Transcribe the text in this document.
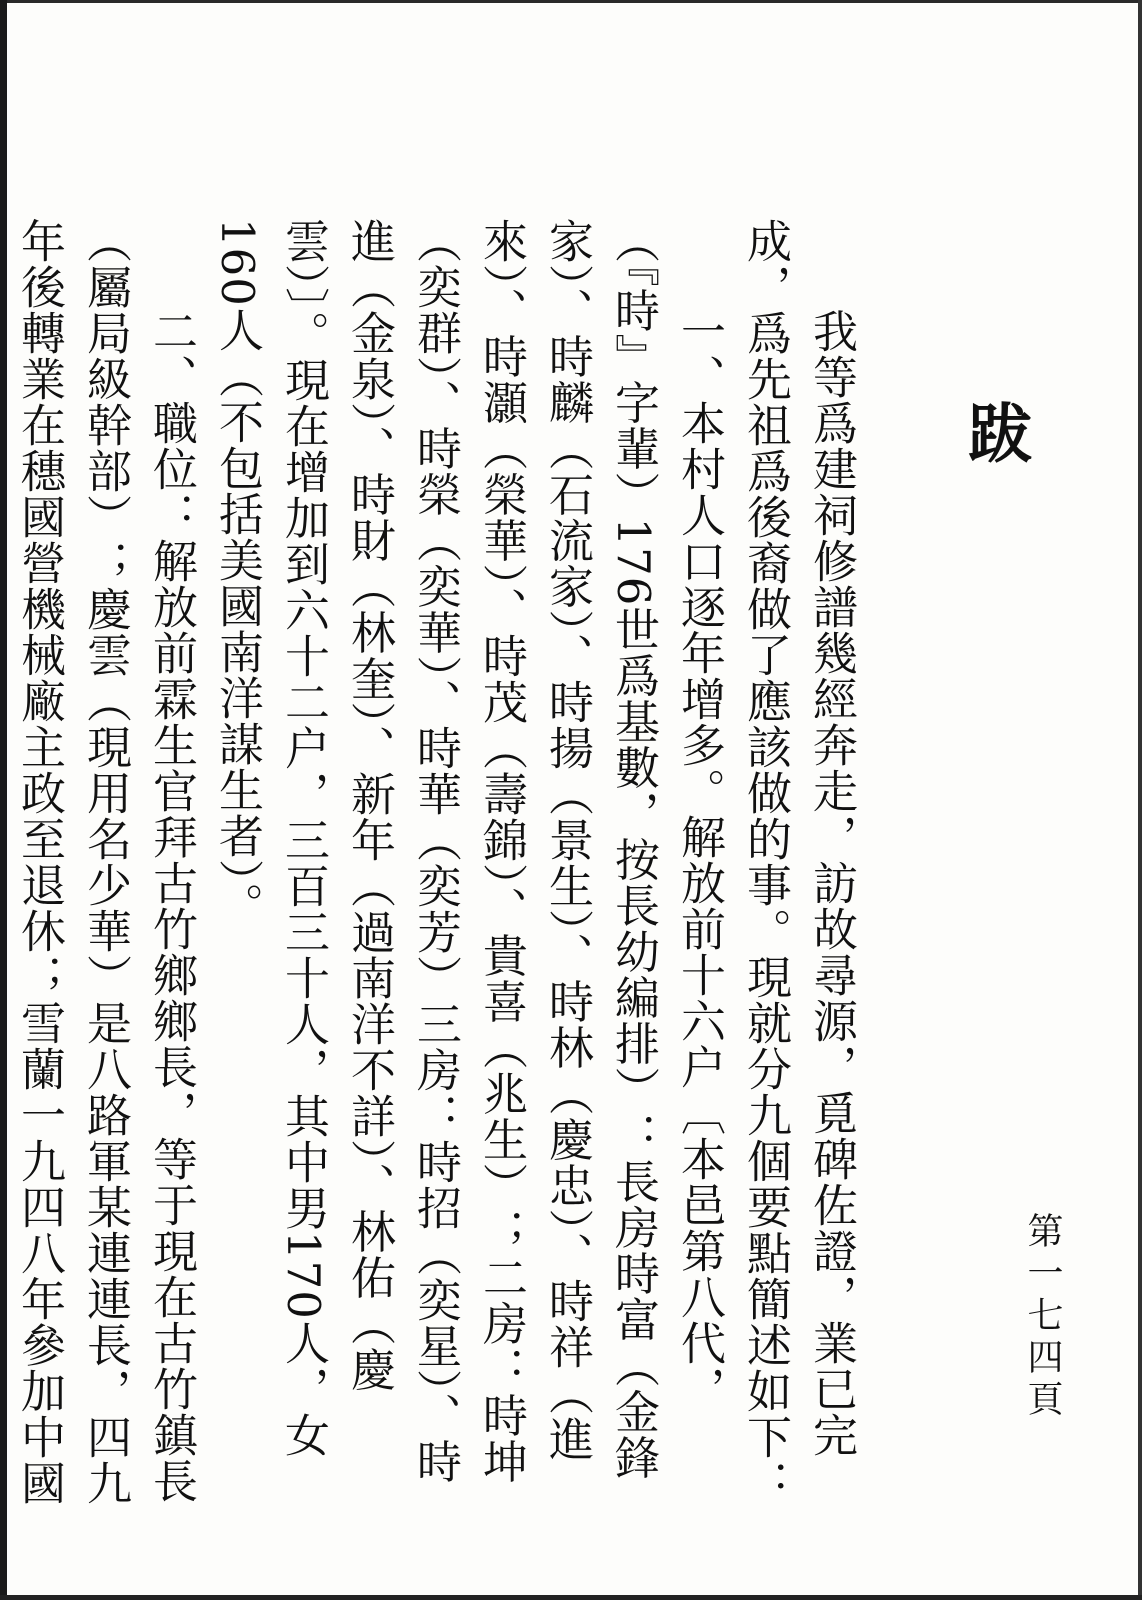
跋
第一七四頁
我等爲建祠修譜幾經奔走，訪故尋源，覓碑佐證，業已完成，爲先祖爲後裔做了應該做的事。現就分九個要點簡述如下：
一、本村人口逐年增多。解放前十六户〔本邑第八代，（『時』字輩）176世爲基數，按長幼編排）：長房時富（金鋒家）、時麟（石流家）、時揚（景生）、時林（慶忠）、時祥（進來）、時灝（榮華）、時茂（壽錦）、貴喜（兆生）；二房：時坤（奕群）、時榮（奕華）、時華（奕芳）三房：時招（奕星）、時進（金泉）、時財（林奎）、新年（過南洋不詳）、林佑（慶雲）〕。現在增加到六十二户，三百三十人，其中男170人，女160人（不包括美國南洋謀生者）。
二、職位：解放前霖生官拜古竹鄉鄉長，等于現在古竹鎮長（屬局級幹部）；慶雲（現用名少華）是八路軍某連連長，四九年後轉業在穗國營機械廠主政至退休；雪蘭一九四八年參加中國
